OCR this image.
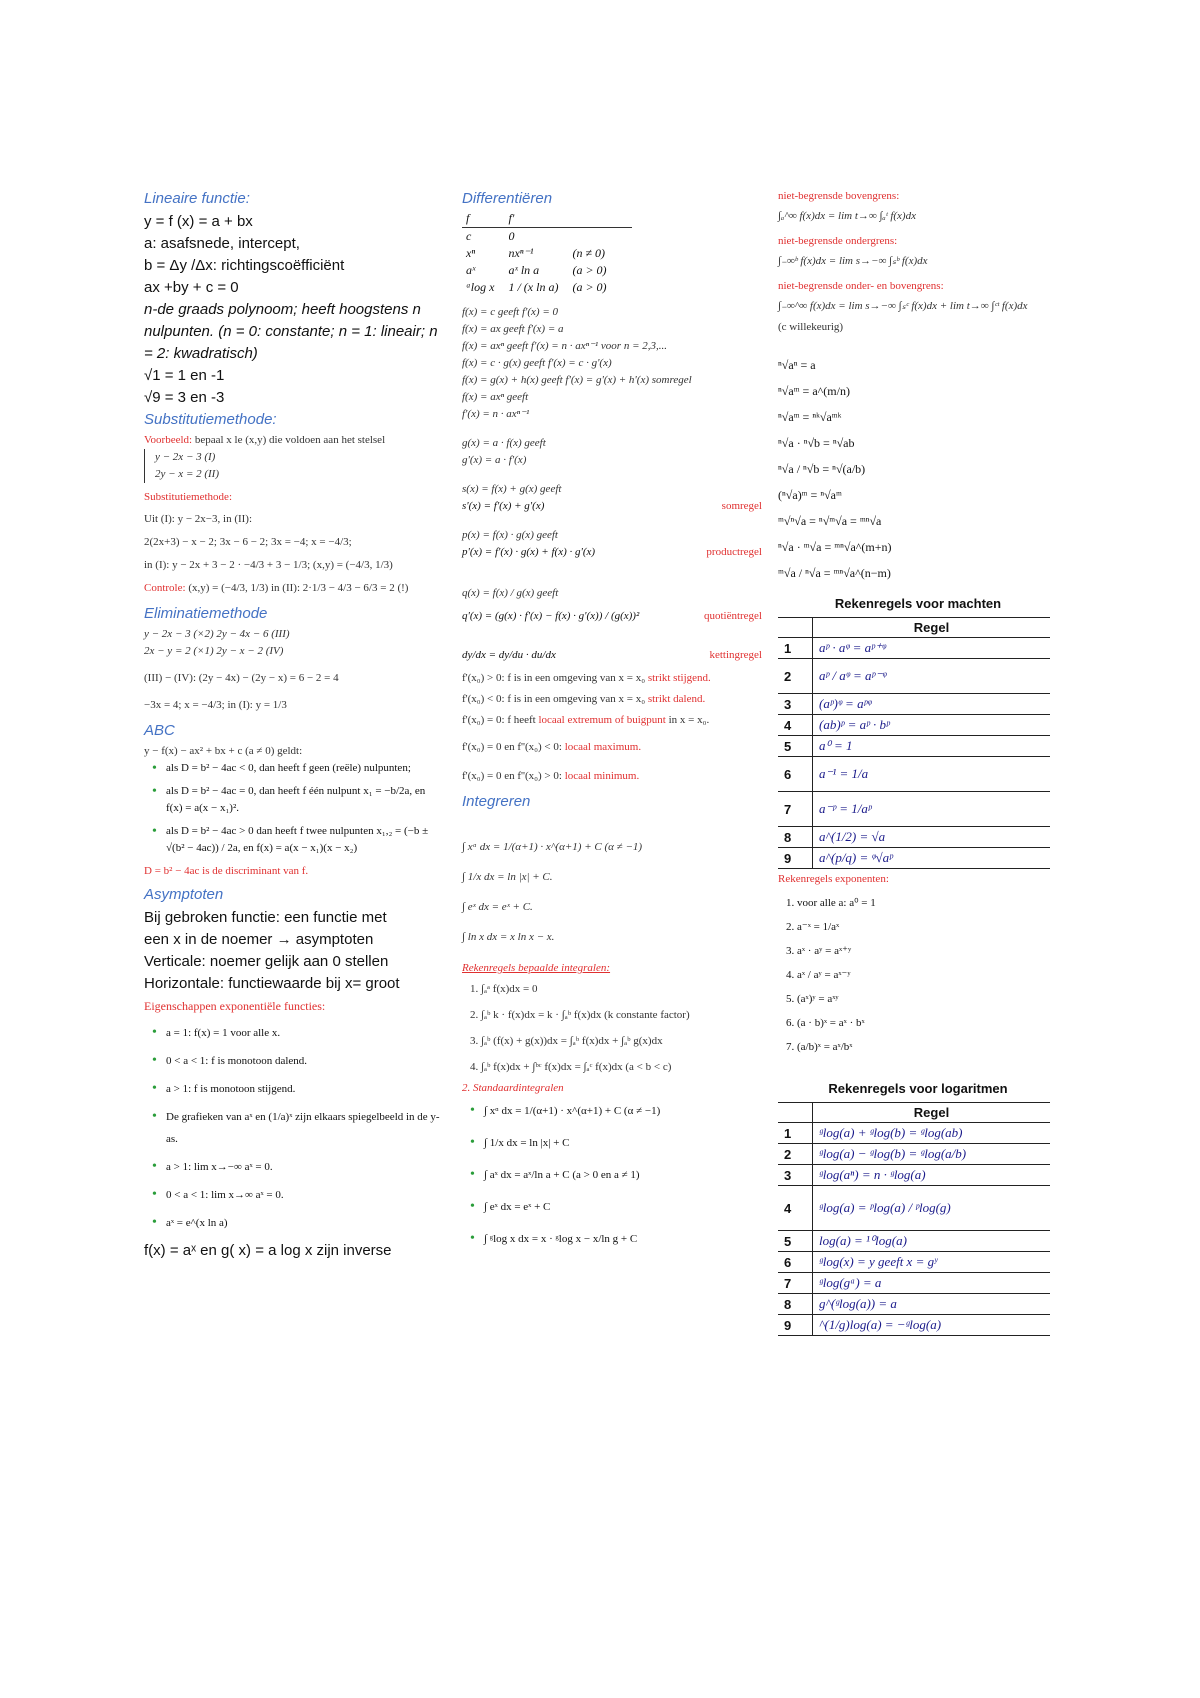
Lineaire functie:

y = f (x) = a + bx

a: asafsnede, intercept,

b = Δy /Δx: richtingscoëfficiënt

ax +by + c = 0

n-de graads polynoom; heeft hoogstens n nulpunten. (n = 0: constante; n = 1: lineair; n = 2: kwadratisch)

√1 = 1 en -1

√9 = 3 en -3

Substitutiemethode:

Voorbeeld: bepaal x le (x,y) die voldoen aan het stelsel

y − 2x − 3 (I)

2y − x = 2 (II)

Substitutiemethode:

Uit (I): y − 2x−3, in (II):

2(2x+3) − x − 2; 3x − 6 − 2; 3x = −4; x = −4/3;

in (I): y − 2x + 3 − 2 · −4/3 + 3 − 1/3; (x,y) = (−4/3, 1/3)

Controle: (x,y) = (−4/3, 1/3) in (II): 2·1/3 − 4/3 − 6/3 = 2 (!)

Eliminatiemethode

y − 2x − 3 (×2) 2y − 4x − 6 (III)

2x − y = 2 (×1) 2y − x − 2 (IV)

(III) − (IV): (2y − 4x) − (2y − x) = 6 − 2 = 4

−3x = 4; x = −4/3; in (I): y = 1/3

ABC

y − f(x) − ax² + bx + c (a ≠ 0) geldt:

• als D = b² − 4ac < 0, dan heeft f geen (reële) nulpunten;
• als D = b² − 4ac = 0, dan heeft f één nulpunt x₁ = −b/2a, en f(x) = a(x − x₁)².
• als D = b² − 4ac > 0 dan heeft f twee nulpunten x₁,₂ = (−b ± √(b² − 4ac)) / 2a, en f(x) = a(x − x₁)(x − x₂)

D = b² − 4ac is de discriminant van f.

Asymptoten

Bij gebroken functie: een functie met

een x in de noemer → asymptoten

Verticale: noemer gelijk aan 0 stellen

Horizontale: functiewaarde bij x= groot

Eigenschappen exponentiële functies:

• a = 1: f(x) = 1 voor alle x.
• 0 < a < 1: f is monotoon dalend.
• a > 1: f is monotoon stijgend.
• De grafieken van aˣ en (1/a)ˣ zijn elkaars spiegelbeeld in de y-as.
• a > 1: lim x→−∞ aˣ = 0.
• 0 < a < 1: lim x→∞ aˣ = 0.
• aˣ = e^(x ln a)

f(x) = aˣ en g( x) = a log x zijn inverse

Differentiëren
f	f'	
c	0	
xⁿ	nxⁿ⁻¹	(n ≠ 0)
aˣ	aˣ ln a	(a > 0)
ᵃlog x	1 / (x ln a)	(a > 0)

f(x) = c geeft f'(x) = 0

f(x) = ax geeft f'(x) = a

f(x) = axⁿ geeft f'(x) = n · axⁿ⁻¹ voor n = 2,3,...

f(x) = c · g(x) geeft f'(x) = c · g'(x)

f(x) = g(x) + h(x) geeft f'(x) = g'(x) + h'(x) somregel

f(x) = axⁿ geeft

f'(x) = n · axⁿ⁻¹

g(x) = a · f(x) geeft

g'(x) = a · f'(x)

s(x) = f(x) + g(x) geeft

s'(x) = f'(x) + g'(x)	somregel

p(x) = f(x) · g(x) geeft

p'(x) = f'(x) · g(x) + f(x) · g'(x)	productregel

q(x) = f(x) / g(x) geeft

q'(x) = (g(x) · f'(x) − f(x) · g'(x)) / (g(x))²	quotiëntregel
dy/dx = dy/du · du/dx	kettingregel

f'(x₀) > 0: f is in een omgeving van x = x₀ strikt stijgend.

f'(x₀) < 0: f is in een omgeving van x = x₀ strikt dalend.

f'(x₀) = 0: f heeft locaal extremum of buigpunt in x = x₀.

f'(x₀) = 0 en f''(x₀) < 0: locaal maximum.

f'(x₀) = 0 en f''(x₀) > 0: locaal minimum.

Integreren

∫ xᵅ dx = 1/(α+1) · x^(α+1) + C (α ≠ −1)

∫ 1/x dx = ln |x| + C.

∫ eˣ dx = eˣ + C.

∫ ln x dx = x ln x − x.

Rekenregels bepaalde integralen:

1. ∫ₐᵃ f(x)dx = 0

2. ∫ₐᵇ k · f(x)dx = k · ∫ₐᵇ f(x)dx (k constante factor)

3. ∫ₐᵇ (f(x) + g(x))dx = ∫ₐᵇ f(x)dx + ∫ₐᵇ g(x)dx

4. ∫ₐᵇ f(x)dx + ∫ᵇᶜ f(x)dx = ∫ₐᶜ f(x)dx (a < b < c)

2. Standaardintegralen

• ∫ xᵅ dx = 1/(α+1) · x^(α+1) + C (α ≠ −1)
• ∫ 1/x dx = ln |x| + C
• ∫ aˣ dx = aˣ/ln a + C (a > 0 en a ≠ 1)
• ∫ eˣ dx = eˣ + C
• ∫ ᵍlog x dx = x · ᵍlog x − x/ln g + C

niet-begrensde bovengrens:

∫ₐ^∞ f(x)dx = lim t→∞ ∫ₐᵗ f(x)dx

niet-begrensde ondergrens:

∫₋∞ᵇ f(x)dx = lim s→−∞ ∫ₛᵇ f(x)dx

niet-begrensde onder- en bovengrens:

∫₋∞^∞ f(x)dx = lim s→−∞ ∫ₛᶜ f(x)dx + lim t→∞ ∫ᶜᵗ f(x)dx

(c willekeurig)

ⁿ√aⁿ = a
ⁿ√aᵐ = a^(m/n)
ⁿ√aᵐ = ⁿᵏ√aᵐᵏ
ⁿ√a · ⁿ√b = ⁿ√ab
ⁿ√a / ⁿ√b = ⁿ√(a/b)
(ⁿ√a)ᵐ = ⁿ√aᵐ
ᵐ√ⁿ√a = ⁿ√ᵐ√a = ᵐⁿ√a
ⁿ√a · ᵐ√a = ᵐⁿ√a^(m+n)
ᵐ√a / ⁿ√a = ᵐⁿ√a^(n−m)
Rekenregels voor machten
	Regel
1	aᵖ · aᵠ = aᵖ⁺ᵠ
2	aᵖ / aᵠ = aᵖ⁻ᵠ
3	(aᵖ)ᵠ = aᵖᵠ
4	(ab)ᵖ = aᵖ · bᵖ
5	a⁰ = 1
6	a⁻¹ = 1/a
7	a⁻ᵖ = 1/aᵖ
8	a^(1/2) = √a
9	a^(p/q) = ᵠ√aᵖ

Rekenregels exponenten:

1. voor alle a: a⁰ = 1
2. a⁻ˣ = 1/aˣ
3. aˣ · aʸ = aˣ⁺ʸ
4. aˣ / aʸ = aˣ⁻ʸ
5. (aˣ)ʸ = aˣʸ
6. (a · b)ˣ = aˣ · bˣ
7. (a/b)ˣ = aˣ/bˣ
Rekenregels voor logaritmen
	Regel
1	ᵍlog(a) + ᵍlog(b) = ᵍlog(ab)
2	ᵍlog(a) − ᵍlog(b) = ᵍlog(a/b)
3	ᵍlog(aⁿ) = n · ᵍlog(a)
4	ᵍlog(a) = ᵖlog(a) / ᵖlog(g)
5	log(a) = ¹⁰log(a)
6	ᵍlog(x) = y geeft x = gʸ
7	ᵍlog(gᵃ) = a
8	g^(ᵍlog(a)) = a
9	^(1/g)log(a) = −ᵍlog(a)
